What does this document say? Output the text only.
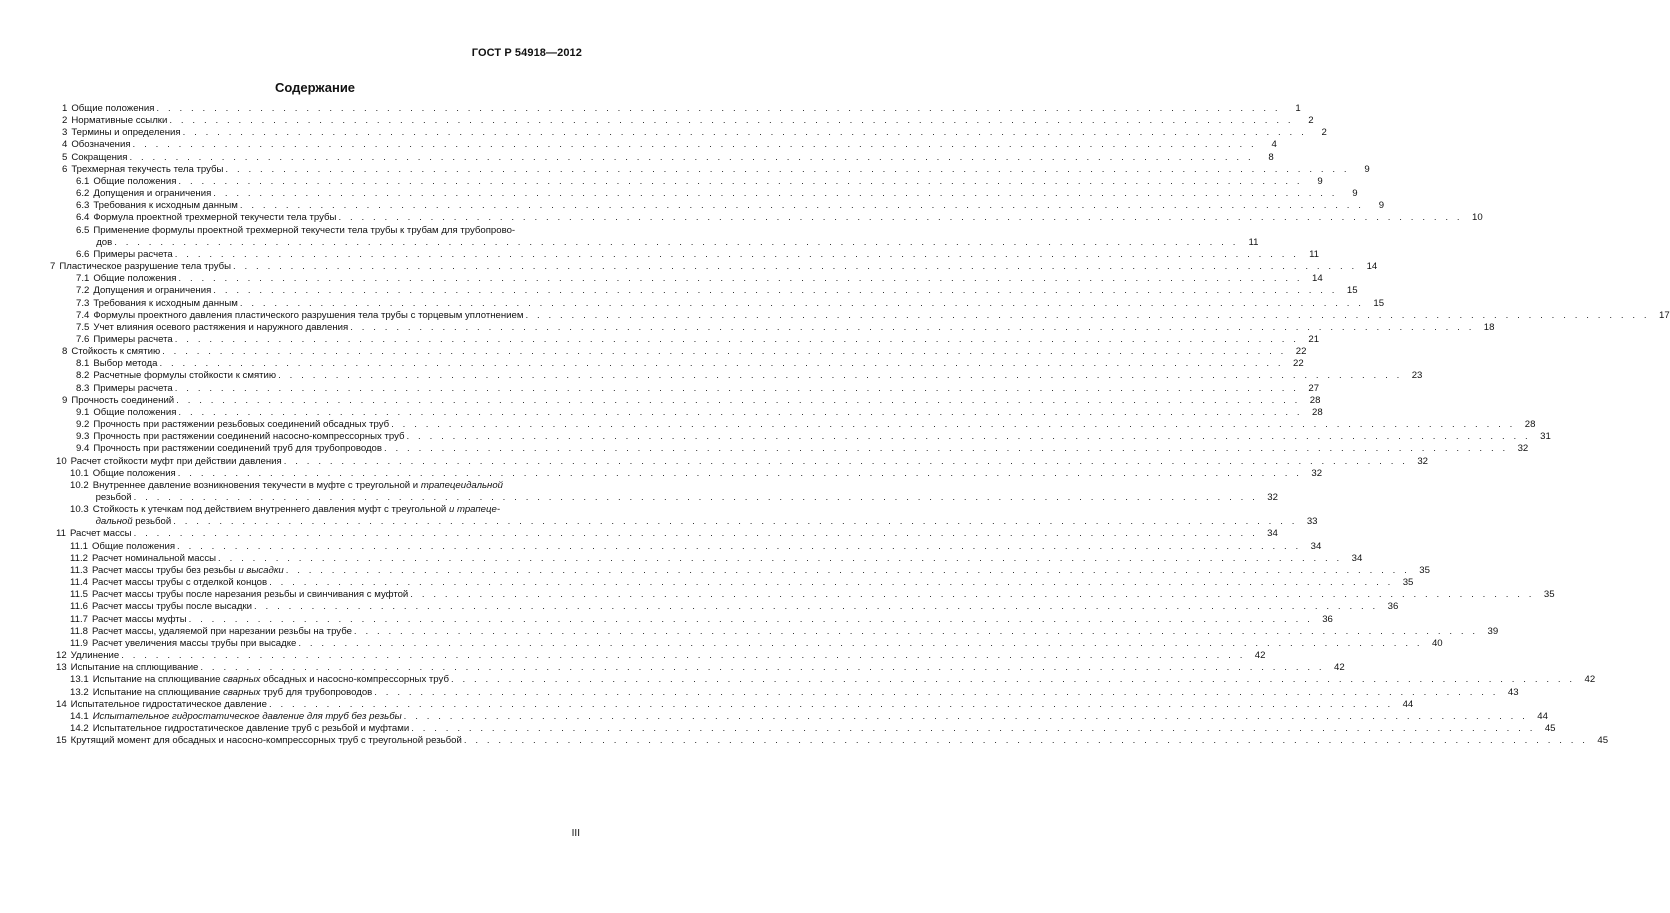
ГОСТ Р 54918—2012
Содержание
1 Общие положения . . .	1
2 Нормативные ссылки . . .	2
3 Термины и определения . . .	2
4 Обозначения . . .	4
5 Сокращения . . .	8
6 Трехмерная текучесть тела трубы . . .	9
6.1 Общие положения . . .	9
6.2 Допущения и ограничения . . .	9
6.3 Требования к исходным данным . . .	9
6.4 Формула проектной трехмерной текучести тела трубы . . .	10
6.5 Применение формулы проектной трехмерной текучести тела трубы к трубам для трубопрово-
дов . . .	11
6.6 Примеры расчета . . .	11
7 Пластическое разрушение тела трубы . . .	14
7.1 Общие положения . . .	14
7.2 Допущения и ограничения . . .	15
7.3 Требования к исходным данным . . .	15
7.4 Формулы проектного давления пластического разрушения тела трубы с торцевым уплотнением . . .	17
7.5 Учет влияния осевого растяжения и наружного давления . . .	18
7.6 Примеры расчета . . .	21
8 Стойкость к смятию . . .	22
8.1 Выбор метода . . .	22
8.2 Расчетные формулы стойкости к смятию . . .	23
8.3 Примеры расчета . . .	27
9 Прочность соединений . . .	28
9.1 Общие положения . . .	28
9.2 Прочность при растяжении резьбовых соединений обсадных труб . . .	28
9.3 Прочность при растяжении соединений насосно-компрессорных труб . . .	31
9.4 Прочность при растяжении соединений труб для трубопроводов . . .	32
10 Расчет стойкости муфт при действии давления . . .	32
10.1 Общие положения . . .	32
10.2 Внутреннее давление возникновения текучести в муфте с треугольной и трапецеидальной
резьбой . . .	32
10.3 Стойкость к утечкам под действием внутреннего давления муфт с треугольной и трапеце-
дальной резьбой . . .	33
11 Расчет массы . . .	34
11.1 Общие положения . . .	34
11.2 Расчет номинальной массы . . .	34
11.3 Расчет массы трубы без резьбы и высадки . . .	35
11.4 Расчет массы трубы с отделкой концов . . .	35
11.5 Расчет массы трубы после нарезания резьбы и свинчивания с муфтой . . .	35
11.6 Расчет массы трубы после высадки . . .	36
11.7 Расчет массы муфты . . .	36
11.8 Расчет массы, удаляемой при нарезании резьбы на трубе . . .	39
11.9 Расчет увеличения массы трубы при высадке . . .	40
12 Удлинение . . .	42
13 Испытание на сплющивание . . .	42
13.1 Испытание на сплющивание сварных обсадных и насосно-компрессорных труб . . .	42
13.2 Испытание на сплющивание сварных труб для трубопроводов . . .	43
14 Испытательное гидростатическое давление . . .	44
14.1 Испытательное гидростатическое давление для труб без резьбы . . .	44
14.2 Испытательное гидростатическое давление труб с резьбой и муфтами . . .	45
15 Крутящий момент для обсадных и насосно-компрессорных труб с треугольной резьбой . . .	45
III
